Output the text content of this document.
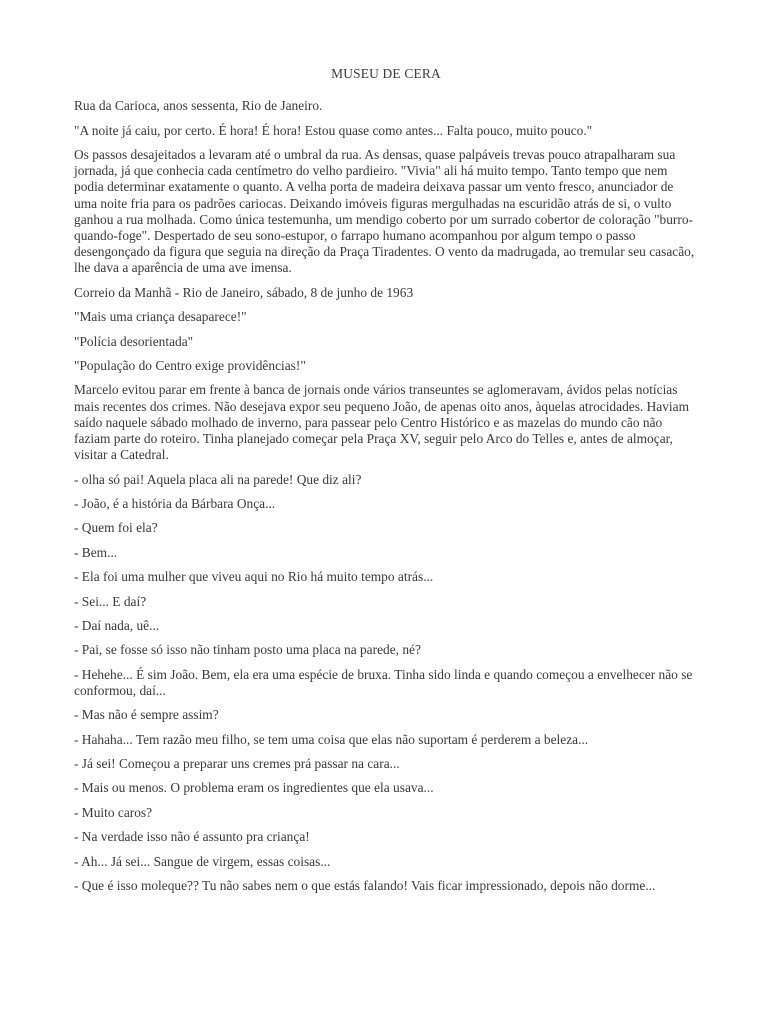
MUSEU DE CERA

Rua da Carioca, anos sessenta, Rio de Janeiro.

"A noite já caiu, por certo. É hora! É hora! Estou quase como antes... Falta pouco, muito pouco."

Os passos desajeitados a levaram até o umbral da rua. As densas, quase palpáveis trevas pouco atrapalharam sua jornada, já que conhecia cada centímetro do velho pardieiro. "Vivia" ali há muito tempo. Tanto tempo que nem podia determinar exatamente o quanto. A velha porta de madeira deixava passar um vento fresco, anunciador de uma noite fria para os padrões cariocas. Deixando imóveis figuras mergulhadas na escuridão atrás de si, o vulto ganhou a rua molhada. Como única testemunha, um mendigo coberto por um surrado cobertor de coloração "burro-quando-foge". Despertado de seu sono-estupor, o farrapo humano acompanhou por algum tempo o passo desengonçado da figura que seguia na direção da Praça Tiradentes. O vento da madrugada, ao tremular seu casacão, lhe dava a aparência de uma ave imensa.

Correio da Manhã - Rio de Janeiro, sábado, 8 de junho de 1963

"Mais uma criança desaparece!"

"Polícia desorientada"

"População do Centro exige providências!"

Marcelo evitou parar em frente à banca de jornais onde vários transeuntes se aglomeravam, ávidos pelas notícias mais recentes dos crimes. Não desejava expor seu pequeno João, de apenas oito anos, àquelas atrocidades. Haviam saído naquele sábado molhado de inverno, para passear pelo Centro Histórico e as mazelas do mundo cão não faziam parte do roteiro. Tinha planejado começar pela Praça XV, seguir pelo Arco do Telles e, antes de almoçar, visitar a Catedral.

- olha só pai! Aquela placa ali na parede! Que diz ali?

- João, é a história da Bárbara Onça...

- Quem foi ela?

- Bem...

- Ela foi uma mulher que viveu aqui no Rio há muito tempo atrás...

- Sei... E daí?

- Daí nada, uê...

- Pai, se fosse só isso não tinham posto uma placa na parede, né?

- Hehehe... É sim João. Bem, ela era uma espécie de bruxa. Tinha sido linda e quando começou a envelhecer não se conformou, daí...

- Mas não é sempre assim?

- Hahaha... Tem razão meu filho, se tem uma coisa que elas não suportam é perderem a beleza...

- Já sei! Começou a preparar uns cremes prá passar na cara...

- Mais ou menos. O problema eram os ingredientes que ela usava...

- Muito caros?

- Na verdade isso não é assunto pra criança!

- Ah... Já sei... Sangue de virgem, essas coisas...

- Que é isso moleque?? Tu não sabes nem o que estás falando! Vais ficar impressionado, depois não dorme...
